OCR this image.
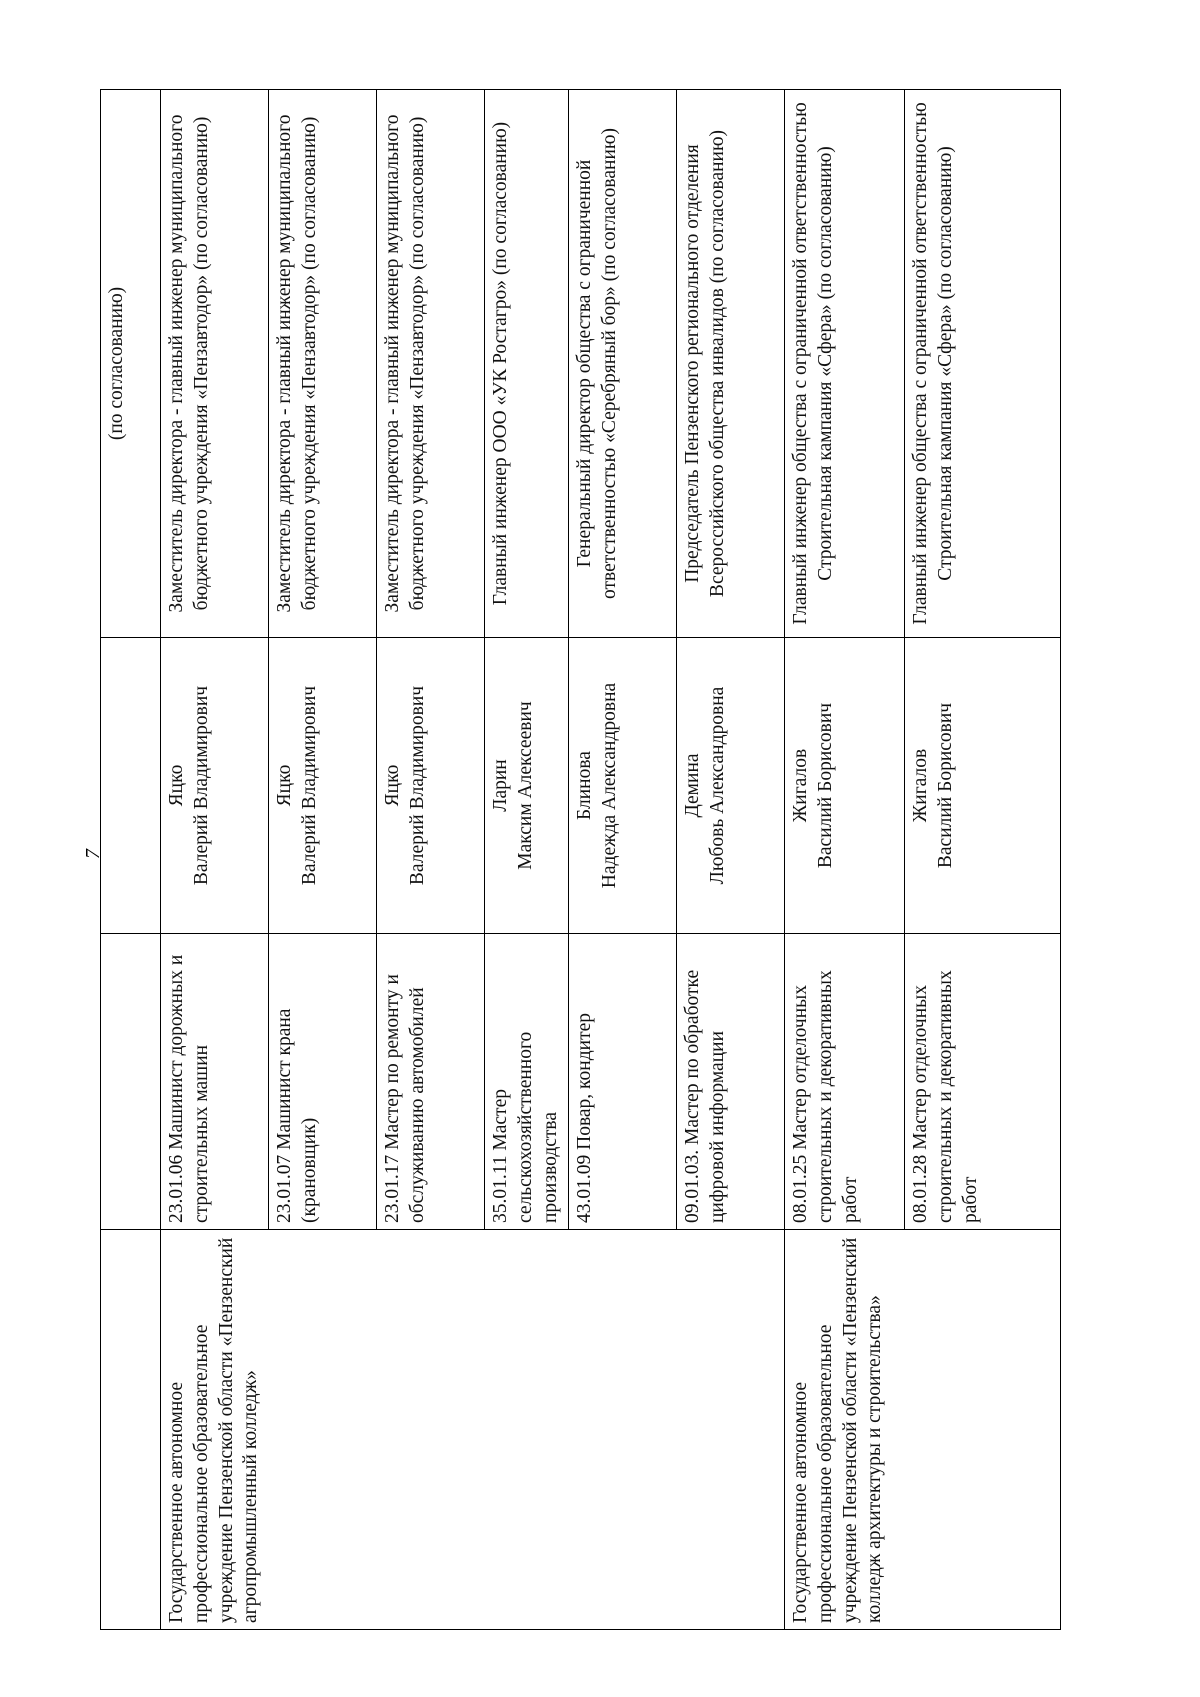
7
			(по согласованию)
Государственное автономное профессиональное образовательное учреждение Пензенской области «Пензенский агропромышленный колледж»	23.01.06 Машинист дорожных и строительных машин	Яцко Валерий Владимирович	Заместитель директора - главный инженер муниципального бюджетного учреждения «Пензавтодор» (по согласованию)
	23.01.07 Машинист крана (крановщик)	Яцко Валерий Владимирович	Заместитель директора - главный инженер муниципального бюджетного учреждения «Пензавтодор» (по согласованию)
	23.01.17 Мастер по ремонту и обслуживанию автомобилей	Яцко Валерий Владимирович	Заместитель директора - главный инженер муниципального бюджетного учреждения «Пензавтодор» (по согласованию)
	35.01.11 Мастер сельскохозяйственного производства	Ларин Максим Алексеевич	Главный инженер ООО «УК Ростагро» (по согласованию)
	43.01.09 Повар, кондитер	Блинова Надежда Александровна	Генеральный директор общества с ограниченной ответственностью «Серебряный бор» (по согласованию)
	09.01.03. Мастер по обработке цифровой информации	Демина Любовь Александровна	Председатель Пензенского регионального отделения Всероссийского общества инвалидов (по согласованию)
Государственное автономное профессиональное образовательное учреждение Пензенской области «Пензенский колледж архитектуры и строительства»	08.01.25 Мастер отделочных строительных и декоративных работ	Жигалов Василий Борисович	Главный инженер общества с ограниченной ответственностью Строительная кампания «Сфера» (по согласованию)
	08.01.28 Мастер отделочных строительных и декоративных работ	Жигалов Василий Борисович	Главный инженер общества с ограниченной ответственностью Строительная кампания «Сфера» (по согласованию)
